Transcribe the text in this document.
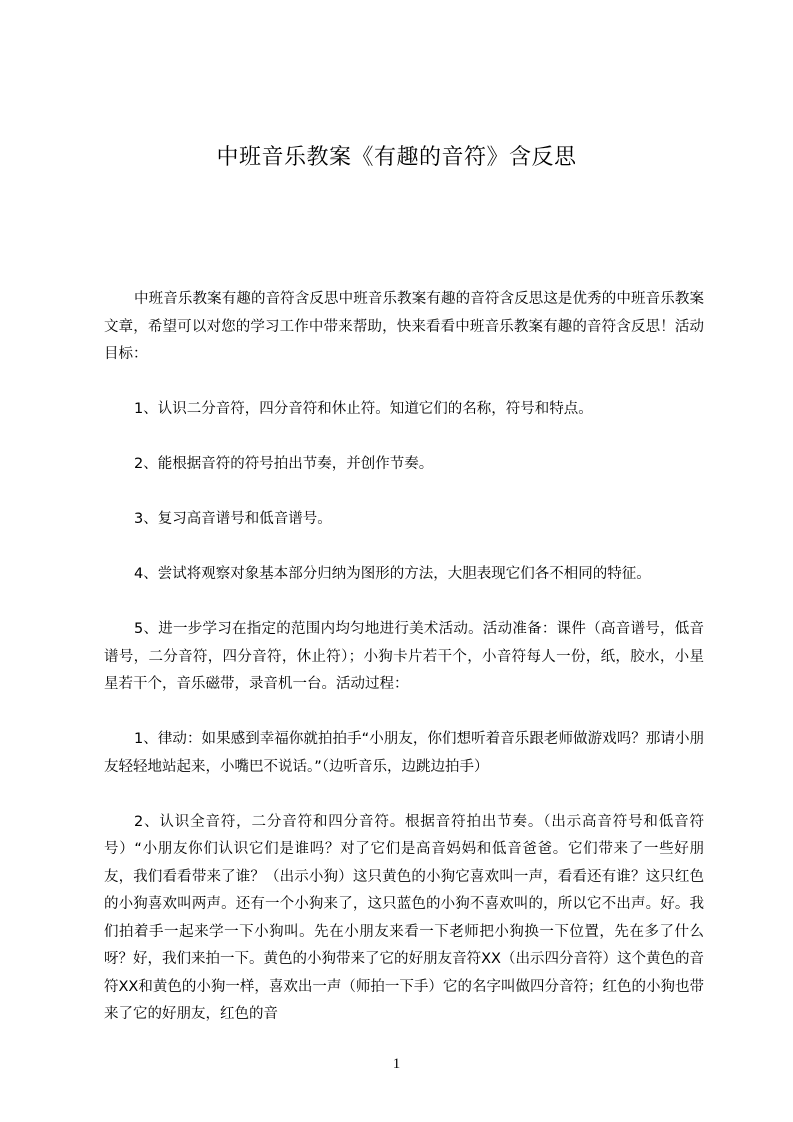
中班音乐教案《有趣的音符》含反思

中班音乐教案有趣的音符含反思中班音乐教案有趣的音符含反思这是优秀的中班音乐教案文章，希望可以对您的学习工作中带来帮助，快来看看中班音乐教案有趣的音符含反思！活动目标：

1、认识二分音符，四分音符和休止符。知道它们的名称，符号和特点。

2、能根据音符的符号拍出节奏，并创作节奏。

3、复习高音谱号和低音谱号。

4、尝试将观察对象基本部分归纳为图形的方法，大胆表现它们各不相同的特征。

5、进一步学习在指定的范围内均匀地进行美术活动。活动准备：课件（高音谱号，低音谱号，二分音符，四分音符，休止符）；小狗卡片若干个，小音符每人一份，纸，胶水，小星星若干个，音乐磁带，录音机一台。活动过程：

1、律动：如果感到幸福你就拍拍手“小朋友，你们想听着音乐跟老师做游戏吗？那请小朋友轻轻地站起来，小嘴巴不说话。”（边听音乐，边跳边拍手）

2、认识全音符，二分音符和四分音符。根据音符拍出节奏。（出示高音符号和低音符号）“小朋友你们认识它们是谁吗？对了它们是高音妈妈和低音爸爸。它们带来了一些好朋友，我们看看带来了谁？（出示小狗）这只黄色的小狗它喜欢叫一声，看看还有谁？这只红色的小狗喜欢叫两声。还有一个小狗来了，这只蓝色的小狗不喜欢叫的，所以它不出声。好。我们拍着手一起来学一下小狗叫。先在小朋友来看一下老师把小狗换一下位置，先在多了什么呀？好，我们来拍一下。黄色的小狗带来了它的好朋友音符XX（出示四分音符）这个黄色的音符XX和黄色的小狗一样，喜欢出一声（师拍一下手）它的名字叫做四分音符；红色的小狗也带来了它的好朋友，红色的音

1
